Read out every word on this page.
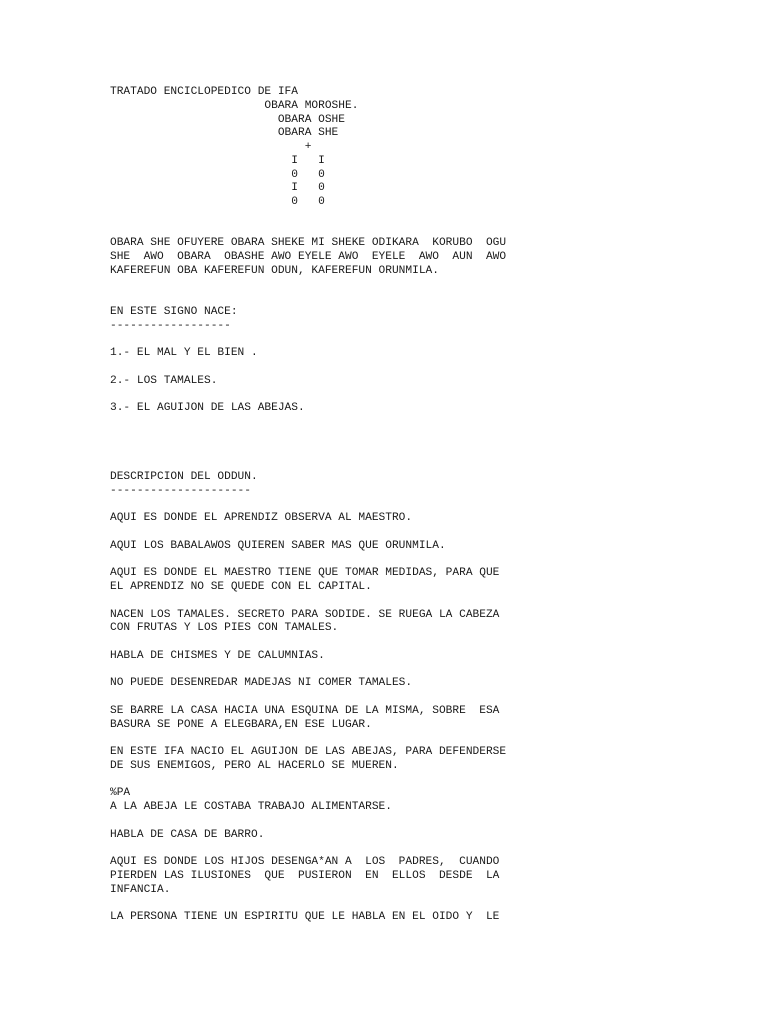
TRATADO ENCICLOPEDICO DE IFA
OBARA MOROSHE.
OBARA OSHE
OBARA SHE
+
I   I
0   0
I   0
0   0
OBARA SHE OFUYERE OBARA SHEKE MI SHEKE ODIKARA  KORUBO  OGU
SHE  AWO  OBARA  OBASHE AWO EYELE AWO  EYELE  AWO  AUN  AWO
KAFEREFUN OBA KAFEREFUN ODUN, KAFEREFUN ORUNMILA.
EN ESTE SIGNO NACE:
------------------
1.- EL MAL Y EL BIEN .
2.- LOS TAMALES.
3.- EL AGUIJON DE LAS ABEJAS.
DESCRIPCION DEL ODDUN.
---------------------
AQUI ES DONDE EL APRENDIZ OBSERVA AL MAESTRO.
AQUI LOS BABALAWOS QUIEREN SABER MAS QUE ORUNMILA.
AQUI ES DONDE EL MAESTRO TIENE QUE TOMAR MEDIDAS, PARA QUE
EL APRENDIZ NO SE QUEDE CON EL CAPITAL.
NACEN LOS TAMALES. SECRETO PARA SODIDE. SE RUEGA LA CABEZA
CON FRUTAS Y LOS PIES CON TAMALES.
HABLA DE CHISMES Y DE CALUMNIAS.
NO PUEDE DESENREDAR MADEJAS NI COMER TAMALES.
SE BARRE LA CASA HACIA UNA ESQUINA DE LA MISMA, SOBRE  ESA
BASURA SE PONE A ELEGBARA,EN ESE LUGAR.
EN ESTE IFA NACIO EL AGUIJON DE LAS ABEJAS, PARA DEFENDERSE
DE SUS ENEMIGOS, PERO AL HACERLO SE MUEREN.
%PA
A LA ABEJA LE COSTABA TRABAJO ALIMENTARSE.
HABLA DE CASA DE BARRO.
AQUI ES DONDE LOS HIJOS DESENGA*AN A  LOS  PADRES,  CUANDO
PIERDEN LAS ILUSIONES  QUE  PUSIERON  EN  ELLOS  DESDE  LA
INFANCIA.
LA PERSONA TIENE UN ESPIRITU QUE LE HABLA EN EL OIDO Y  LE
